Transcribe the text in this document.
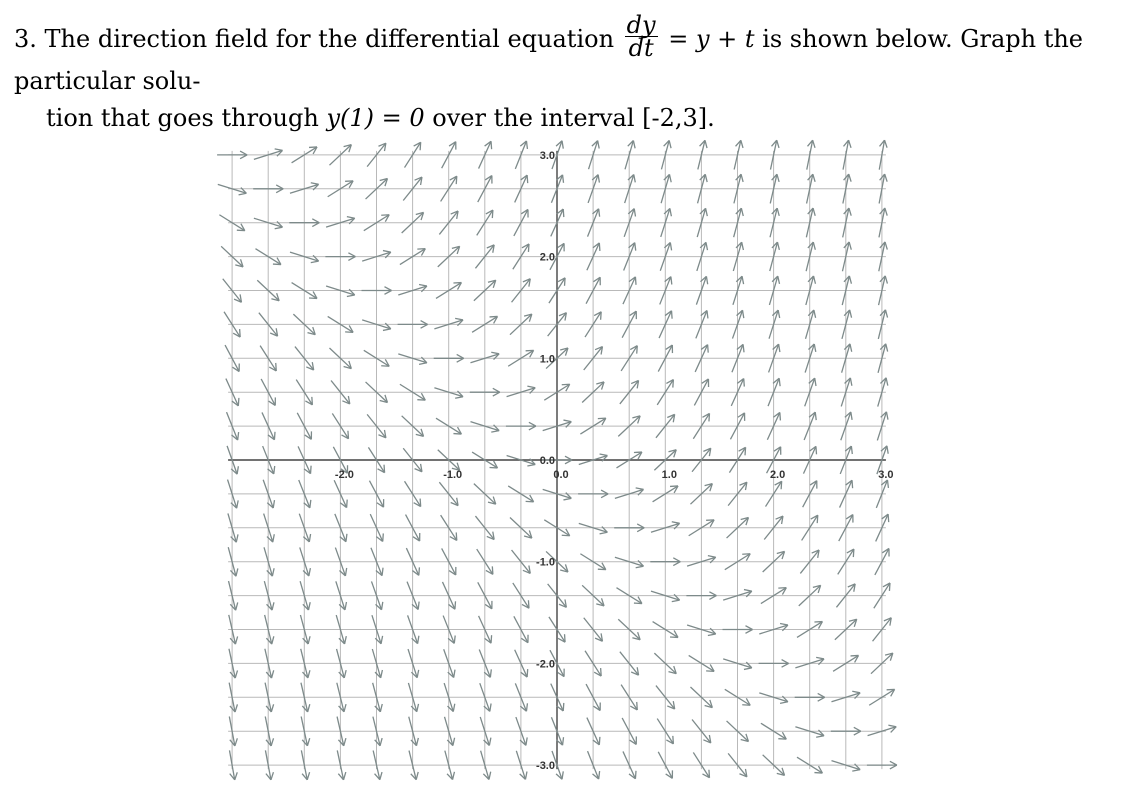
3. The direction field for the differential equation $\frac{dy}{dt} = y + t$ is shown below. Graph the particular solu-
tion that goes through y(1) = 0 over the interval [-2,3].
-2.0	-1.0	0.0	1.0	2.0	3.0
3.0
2.0
1.0
0.0
-1.0
-2.0
-3.0
